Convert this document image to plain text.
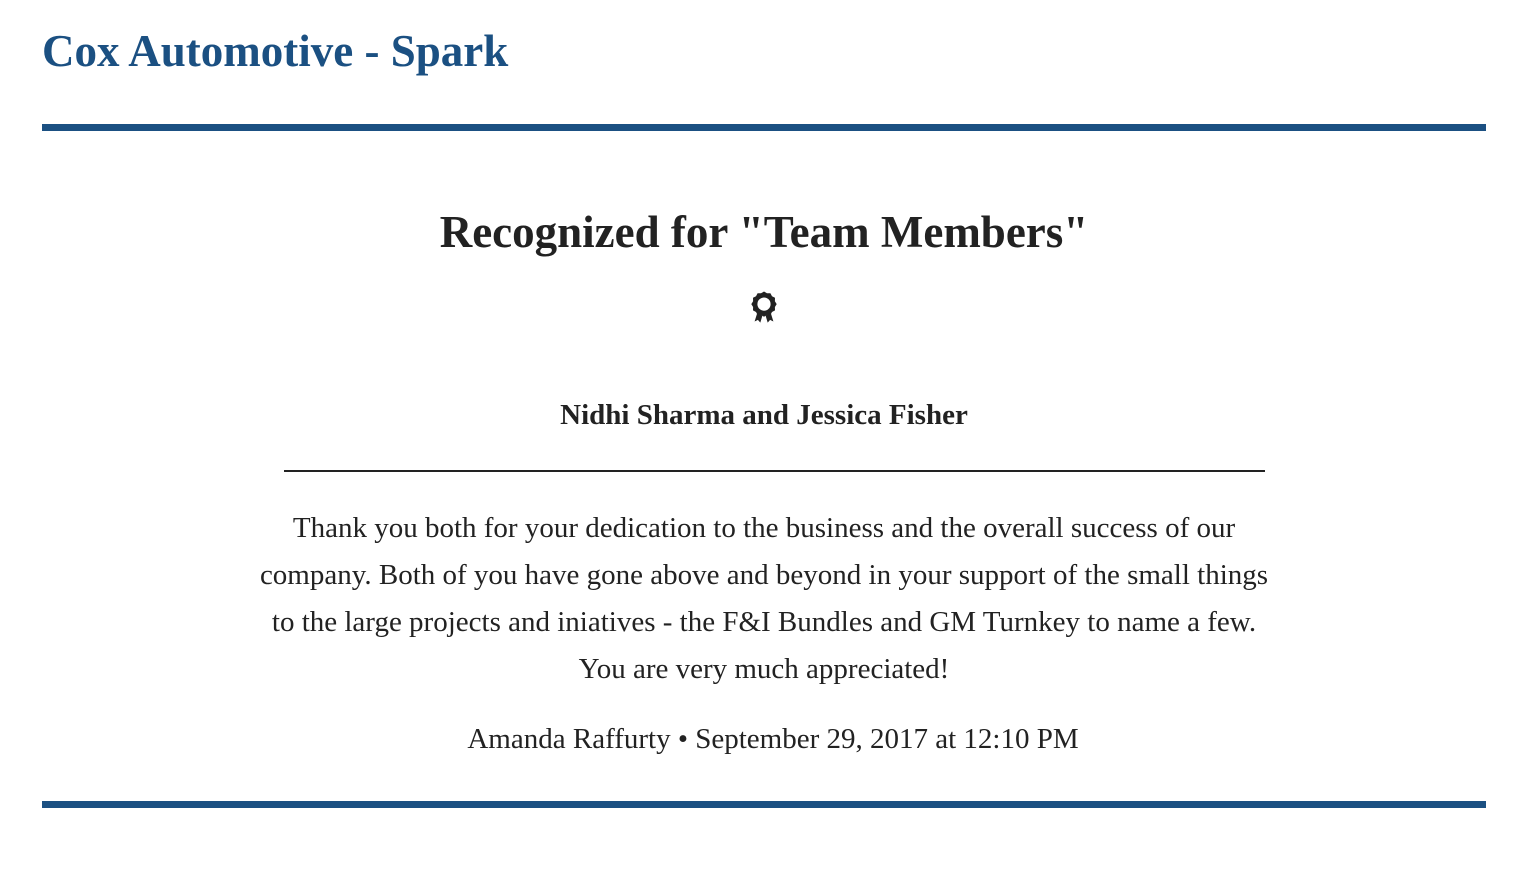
Cox Automotive - Spark
Recognized for "Team Members"

Nidhi Sharma and Jessica Fisher

Thank you both for your dedication to the business and the overall success of our company. Both of you have gone above and beyond in your support of the small things to the large projects and iniatives - the F&I Bundles and GM Turnkey to name a few. You are very much appreciated!

Amanda Raffurty • September 29, 2017 at 12:10 PM
